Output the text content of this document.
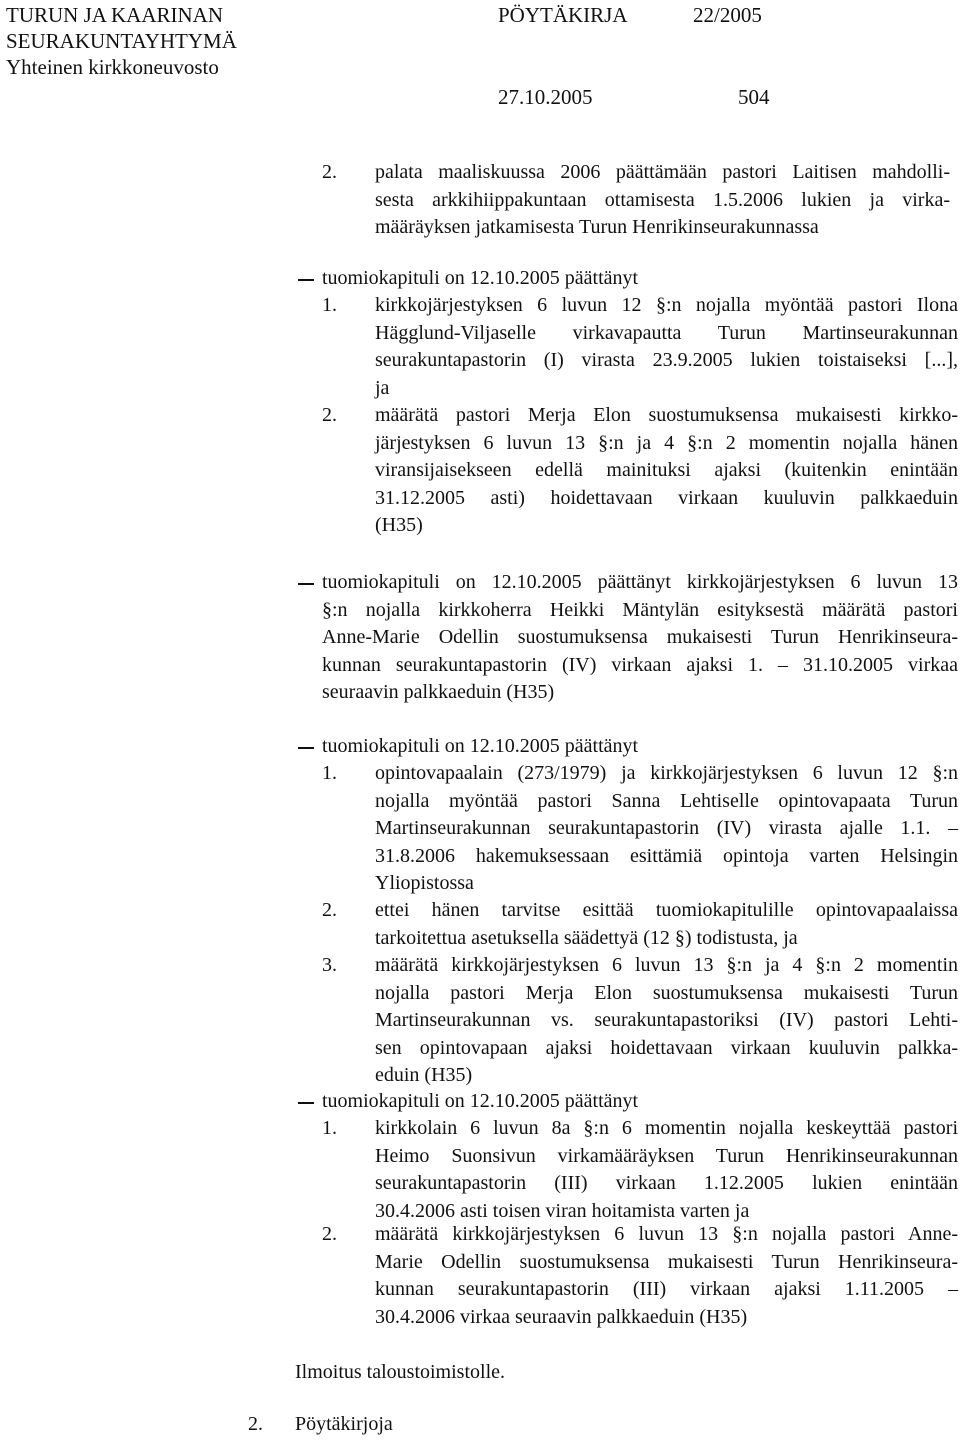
TURUN JA KAARINAN
SEURAKUNTAYHTYMÄ
Yhteinen kirkkoneuvosto
PÖYTÄKIRJA	22/2005
27.10.2005	504
2. palata maaliskuussa 2006 päättämään pastori Laitisen mahdolli-
sesta arkkihiippakuntaan ottamisesta 1.5.2006 lukien ja virka-
määräyksen jatkamisesta Turun Henrikinseurakunnassa
tuomiokapituli on 12.10.2005 päättänyt
1. kirkkojärjestyksen 6 luvun 12 §:n nojalla myöntää pastori Ilona
Hägglund-Viljaselle virkavapautta Turun Martinseurakunnan
seurakuntapastorin (I) virasta 23.9.2005 lukien toistaiseksi [...],
ja
2. määrätä pastori Merja Elon suostumuksensa mukaisesti kirkko-
järjestyksen 6 luvun 13 §:n ja 4 §:n 2 momentin nojalla hänen
viransijaisekseen edellä mainituksi ajaksi (kuitenkin enintään
31.12.2005 asti) hoidettavaan virkaan kuuluvin palkkaeduin
(H35)
tuomiokapituli on 12.10.2005 päättänyt kirkkojärjestyksen 6 luvun 13
§:n nojalla kirkkoherra Heikki Mäntylän esityksestä määrätä pastori
Anne-Marie Odellin suostumuksensa mukaisesti Turun Henrikinseura-
kunnan seurakuntapastorin (IV) virkaan ajaksi 1. – 31.10.2005 virkaa
seuraavin palkkaeduin (H35)
tuomiokapituli on 12.10.2005 päättänyt
1. opintovapaalain (273/1979) ja kirkkojärjestyksen 6 luvun 12 §:n
nojalla myöntää pastori Sanna Lehtiselle opintovapaata Turun
Martinseurakunnan seurakuntapastorin (IV) virasta ajalle 1.1. –
31.8.2006 hakemuksessaan esittämiä opintoja varten Helsingin
Yliopistossa
2. ettei hänen tarvitse esittää tuomiokapitulille opintovapaalaissa
tarkoitettua asetuksella säädettyä (12 §) todistusta, ja
3. määrätä kirkkojärjestyksen 6 luvun 13 §:n ja 4 §:n 2 momentin
nojalla pastori Merja Elon suostumuksensa mukaisesti Turun
Martinseurakunnan vs. seurakuntapastoriksi (IV) pastori Lehti-
sen opintovapaan ajaksi hoidettavaan virkaan kuuluvin palkka-
eduin (H35)
tuomiokapituli on 12.10.2005 päättänyt
1. kirkkolain 6 luvun 8a §:n 6 momentin nojalla keskeyttää pastori
Heimo Suonsivun virkamääräyksen Turun Henrikinseurakunnan
seurakuntapastorin (III) virkaan 1.12.2005 lukien enintään
30.4.2006 asti toisen viran hoitamista varten ja
2. määrätä kirkkojärjestyksen 6 luvun 13 §:n nojalla pastori Anne-
Marie Odellin suostumuksensa mukaisesti Turun Henrikinseura-
kunnan seurakuntapastorin (III) virkaan ajaksi 1.11.2005 –
30.4.2006 virkaa seuraavin palkkaeduin (H35)
Ilmoitus taloustoimistolle.
2. Pöytäkirjoja
